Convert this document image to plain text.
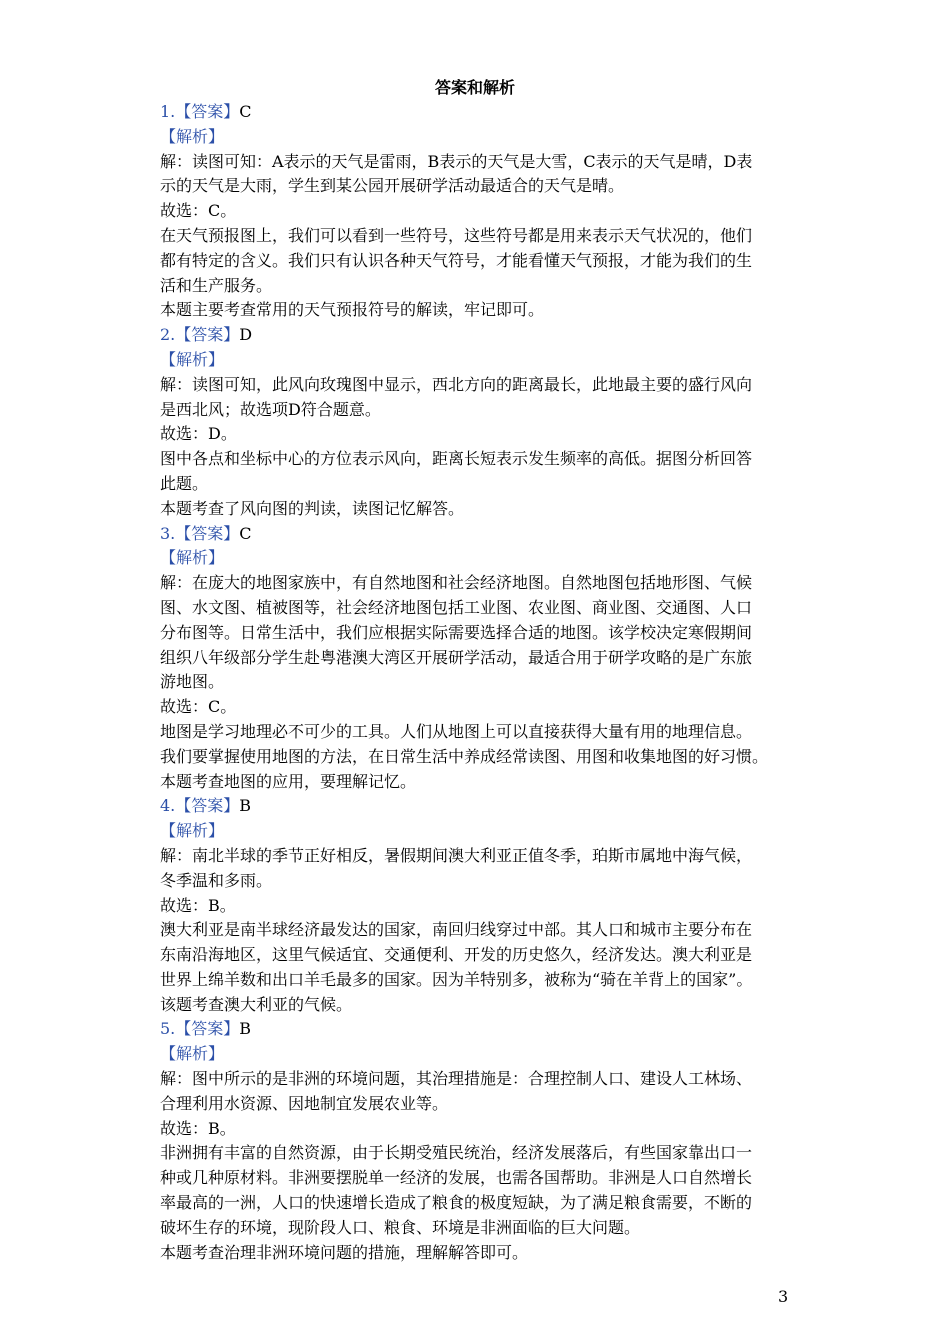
答案和解析
1.【答案】C
【解析】
解：读图可知：A表示的天气是雷雨，B表示的天气是大雪，C表示的天气是晴，D表
示的天气是大雨，学生到某公园开展研学活动最适合的天气是晴。
故选：C。
在天气预报图上，我们可以看到一些符号，这些符号都是用来表示天气状况的，他们
都有特定的含义。我们只有认识各种天气符号，才能看懂天气预报，才能为我们的生
活和生产服务。
本题主要考查常用的天气预报符号的解读，牢记即可。
2.【答案】D
【解析】
解：读图可知，此风向玫瑰图中显示，西北方向的距离最长，此地最主要的盛行风向
是西北风；故选项D符合题意。
故选：D。
图中各点和坐标中心的方位表示风向，距离长短表示发生频率的高低。据图分析回答
此题。
本题考查了风向图的判读，读图记忆解答。
3.【答案】C
【解析】
解：在庞大的地图家族中，有自然地图和社会经济地图。自然地图包括地形图、气候
图、水文图、植被图等，社会经济地图包括工业图、农业图、商业图、交通图、人口
分布图等。日常生活中，我们应根据实际需要选择合适的地图。该学校决定寒假期间
组织八年级部分学生赴粤港澳大湾区开展研学活动，最适合用于研学攻略的是广东旅
游地图。
故选：C。
地图是学习地理必不可少的工具。人们从地图上可以直接获得大量有用的地理信息。
我们要掌握使用地图的方法，在日常生活中养成经常读图、用图和收集地图的好习惯。
本题考查地图的应用，要理解记忆。
4.【答案】B
【解析】
解：南北半球的季节正好相反，暑假期间澳大利亚正值冬季，珀斯市属地中海气候，
冬季温和多雨。
故选：B。
澳大利亚是南半球经济最发达的国家，南回归线穿过中部。其人口和城市主要分布在
东南沿海地区，这里气候适宜、交通便利、开发的历史悠久，经济发达。澳大利亚是
世界上绵羊数和出口羊毛最多的国家。因为羊特别多，被称为“骑在羊背上的国家”。
该题考查澳大利亚的气候。
5.【答案】B
【解析】
解：图中所示的是非洲的环境问题，其治理措施是：合理控制人口、建设人工林场、
合理利用水资源、因地制宜发展农业等。
故选：B。
非洲拥有丰富的自然资源，由于长期受殖民统治，经济发展落后，有些国家靠出口一
种或几种原材料。非洲要摆脱单一经济的发展，也需各国帮助。非洲是人口自然增长
率最高的一洲，人口的快速增长造成了粮食的极度短缺，为了满足粮食需要，不断的
破坏生存的环境，现阶段人口、粮食、环境是非洲面临的巨大问题。
本题考查治理非洲环境问题的措施，理解解答即可。
3
